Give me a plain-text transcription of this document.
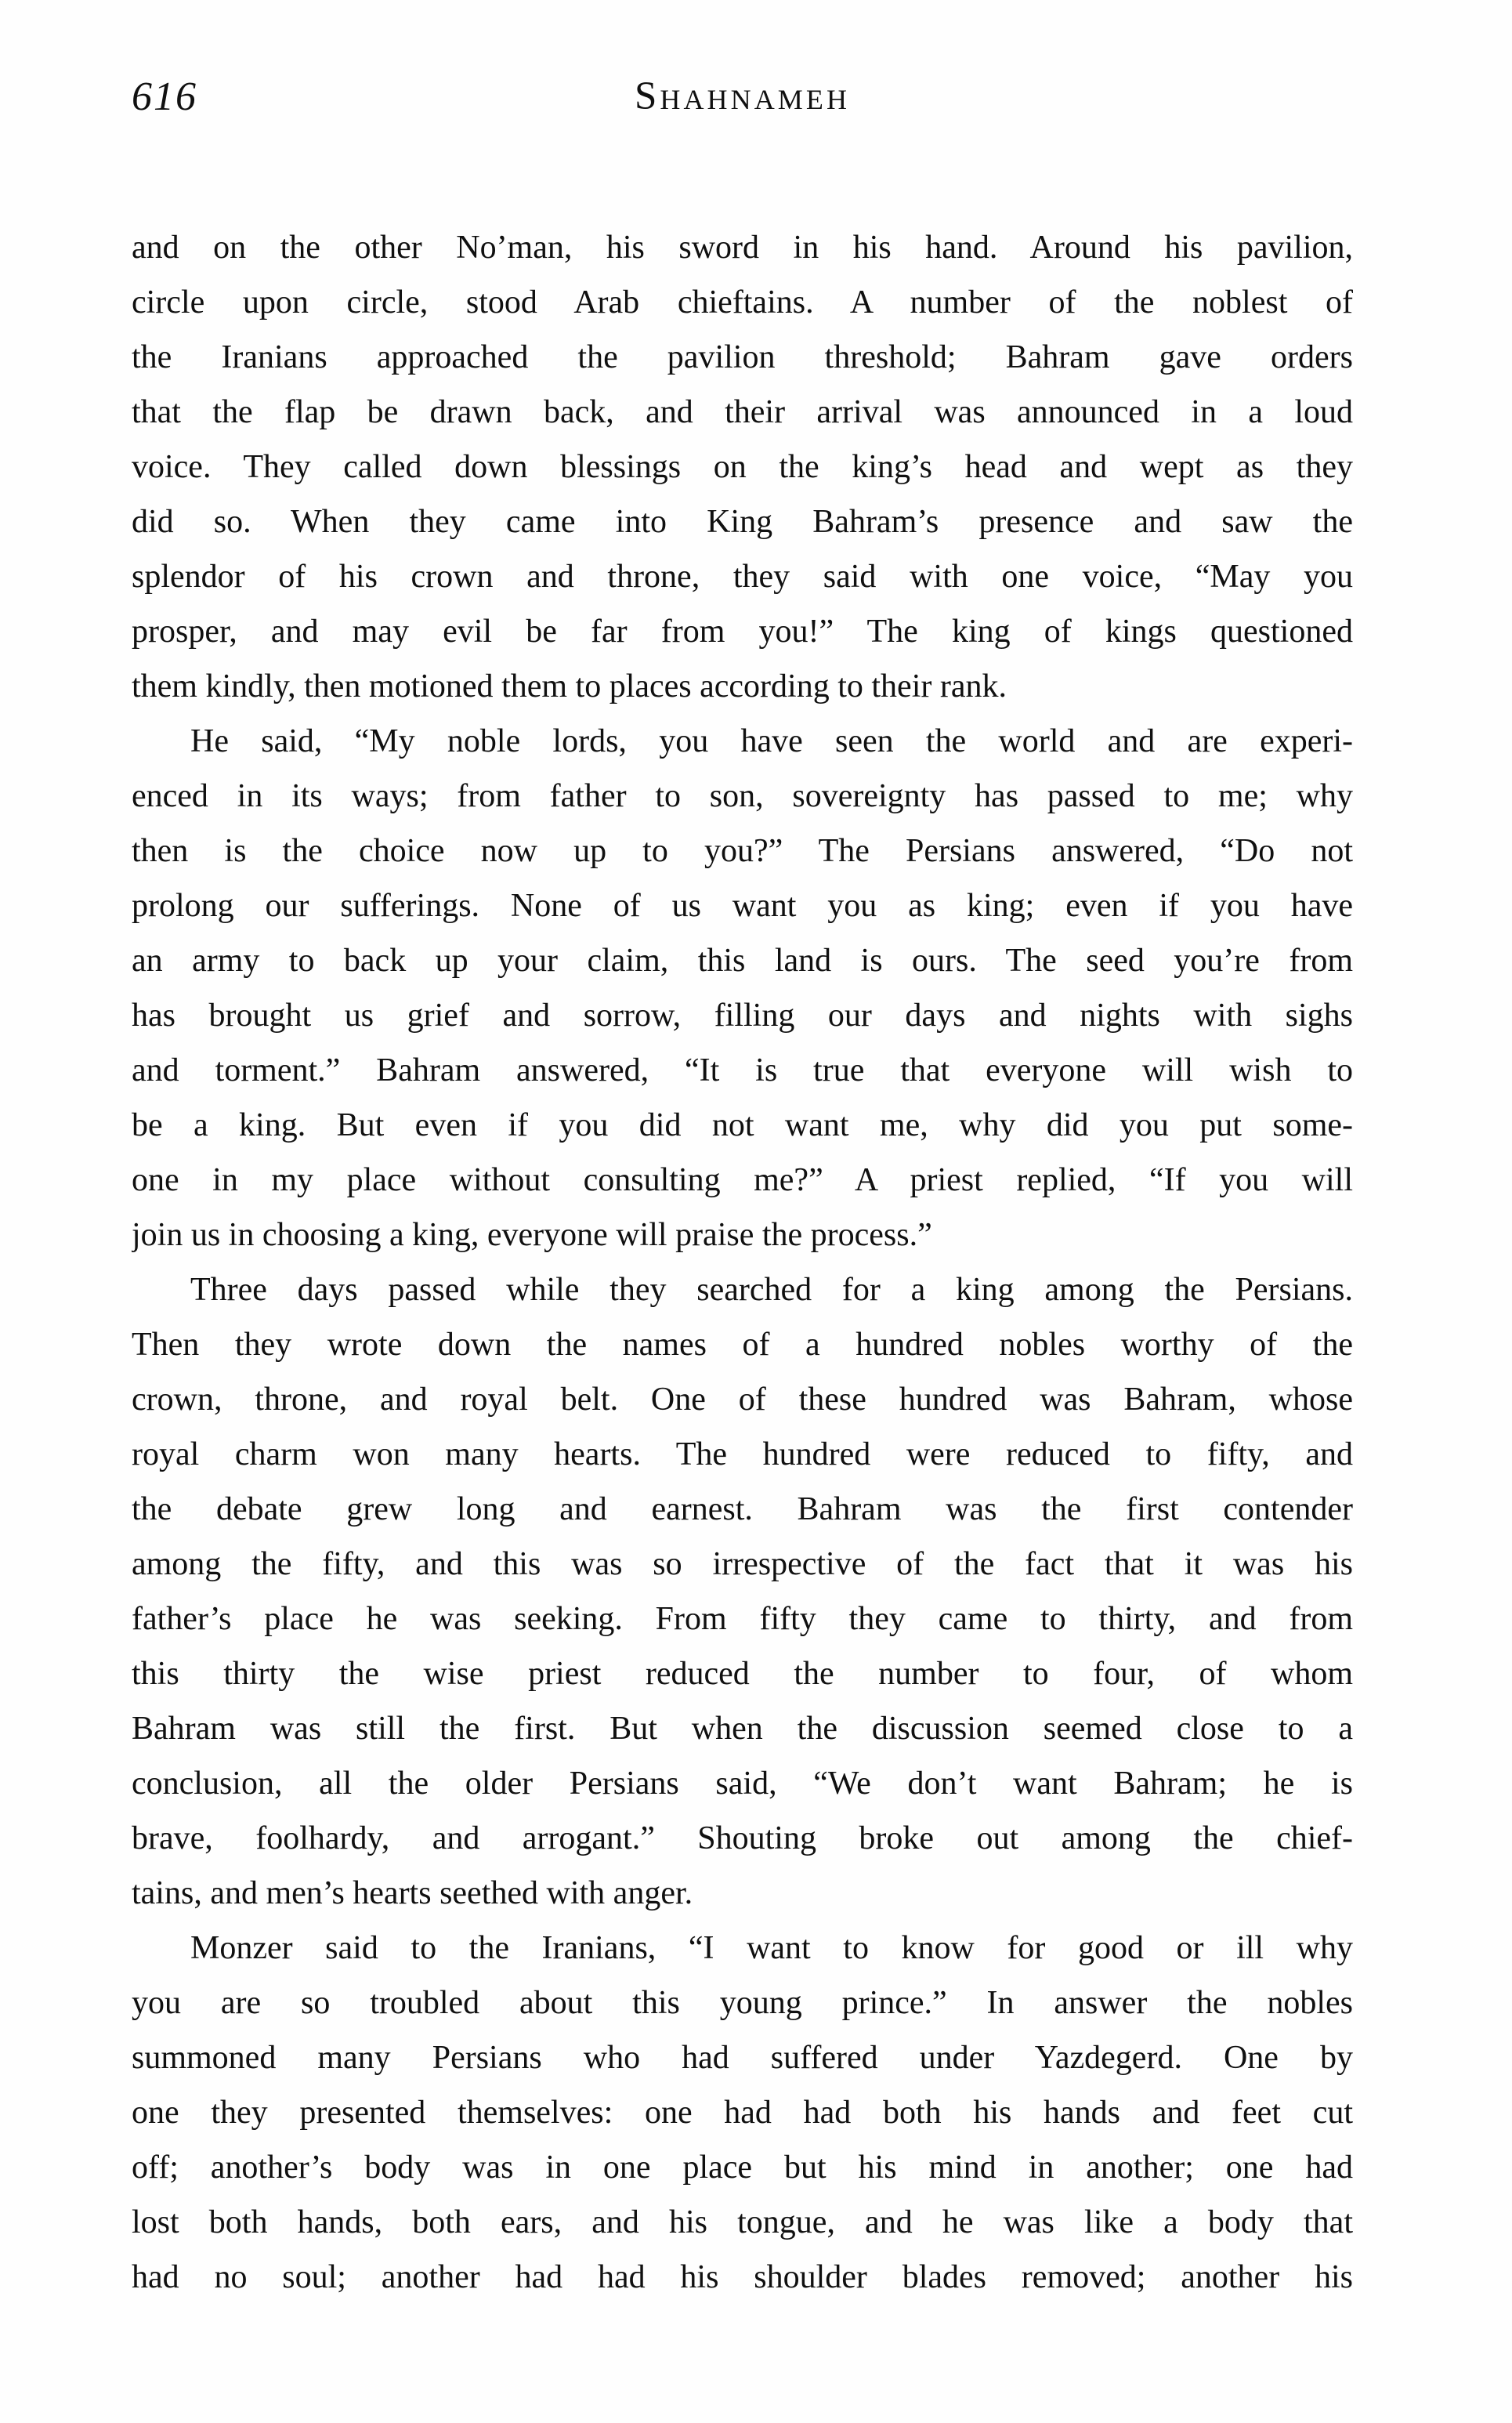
616	Shahnameh
and on the other No’man, his sword in his hand. Around his pavilion,
circle upon circle, stood Arab chieftains. A number of the noblest of
the Iranians approached the pavilion threshold; Bahram gave orders
that the flap be drawn back, and their arrival was announced in a loud
voice. They called down blessings on the king’s head and wept as they
did so. When they came into King Bahram’s presence and saw the
splendor of his crown and throne, they said with one voice, “May you
prosper, and may evil be far from you!” The king of kings questioned
them kindly, then motioned them to places according to their rank.
He said, “My noble lords, you have seen the world and are experi-
enced in its ways; from father to son, sovereignty has passed to me; why
then is the choice now up to you?” The Persians answered, “Do not
prolong our sufferings. None of us want you as king; even if you have
an army to back up your claim, this land is ours. The seed you’re from
has brought us grief and sorrow, filling our days and nights with sighs
and torment.” Bahram answered, “It is true that everyone will wish to
be a king. But even if you did not want me, why did you put some-
one in my place without consulting me?” A priest replied, “If you will
join us in choosing a king, everyone will praise the process.”
Three days passed while they searched for a king among the Persians.
Then they wrote down the names of a hundred nobles worthy of the
crown, throne, and royal belt. One of these hundred was Bahram, whose
royal charm won many hearts. The hundred were reduced to fifty, and
the debate grew long and earnest. Bahram was the first contender
among the fifty, and this was so irrespective of the fact that it was his
father’s place he was seeking. From fifty they came to thirty, and from
this thirty the wise priest reduced the number to four, of whom
Bahram was still the first. But when the discussion seemed close to a
conclusion, all the older Persians said, “We don’t want Bahram; he is
brave, foolhardy, and arrogant.” Shouting broke out among the chief-
tains, and men’s hearts seethed with anger.
Monzer said to the Iranians, “I want to know for good or ill why
you are so troubled about this young prince.” In answer the nobles
summoned many Persians who had suffered under Yazdegerd. One by
one they presented themselves: one had had both his hands and feet cut
off; another’s body was in one place but his mind in another; one had
lost both hands, both ears, and his tongue, and he was like a body that
had no soul; another had had his shoulder blades removed; another his
